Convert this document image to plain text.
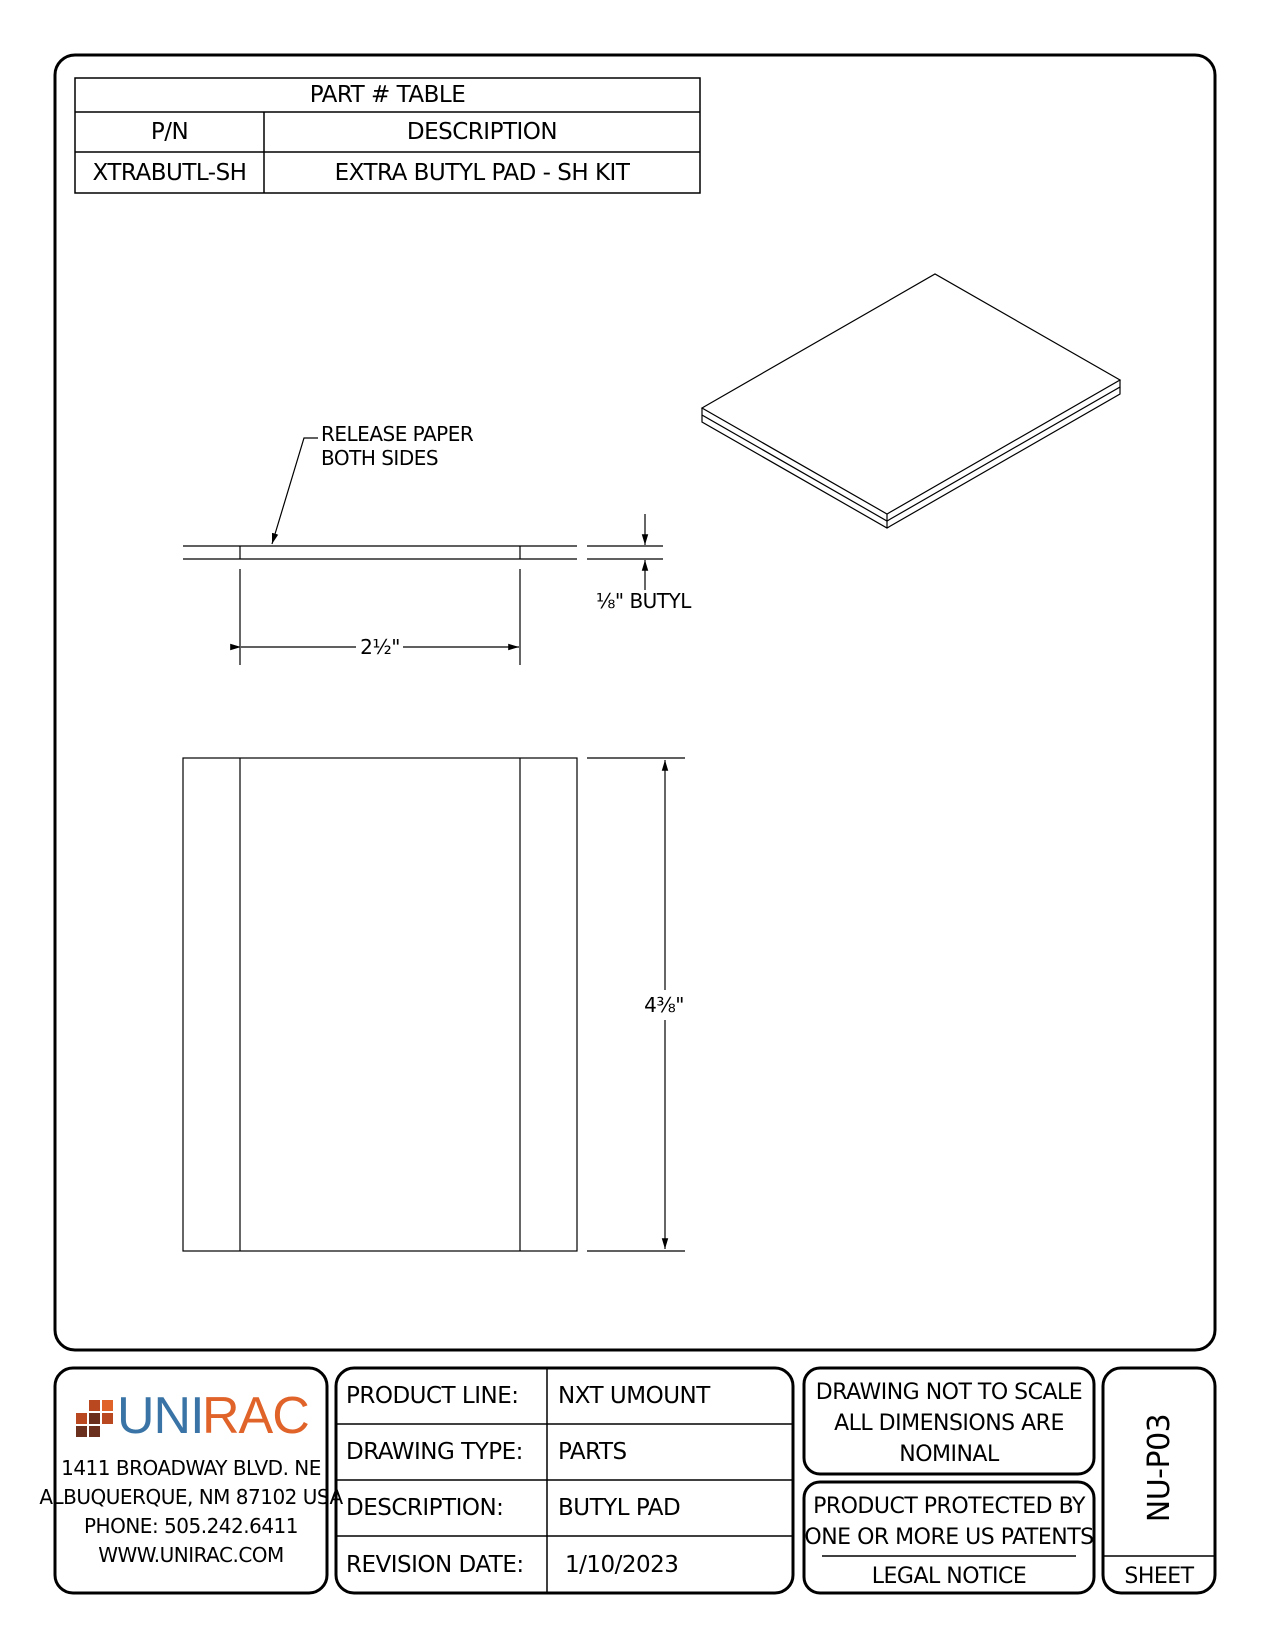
PART # TABLE
P/N	DESCRIPTION
XTRABUTL-SH	EXTRA BUTYL PAD - SH KIT
RELEASE PAPER
BOTH SIDES
⅛" BUTYL
2½"
4⅜"
UNI
RAC
1411 BROADWAY BLVD. NE
ALBUQUERQUE, NM 87102 USA
PHONE: 505.242.6411
WWW.UNIRAC.COM
PRODUCT LINE: NXT UMOUNT
DRAWING TYPE: PARTS
DESCRIPTION: BUTYL PAD
REVISION DATE: 1/10/2023
DRAWING NOT TO SCALE
ALL DIMENSIONS ARE
NOMINAL
PRODUCT PROTECTED BY
ONE OR MORE US PATENTS
LEGAL NOTICE
NU-P03
SHEET
